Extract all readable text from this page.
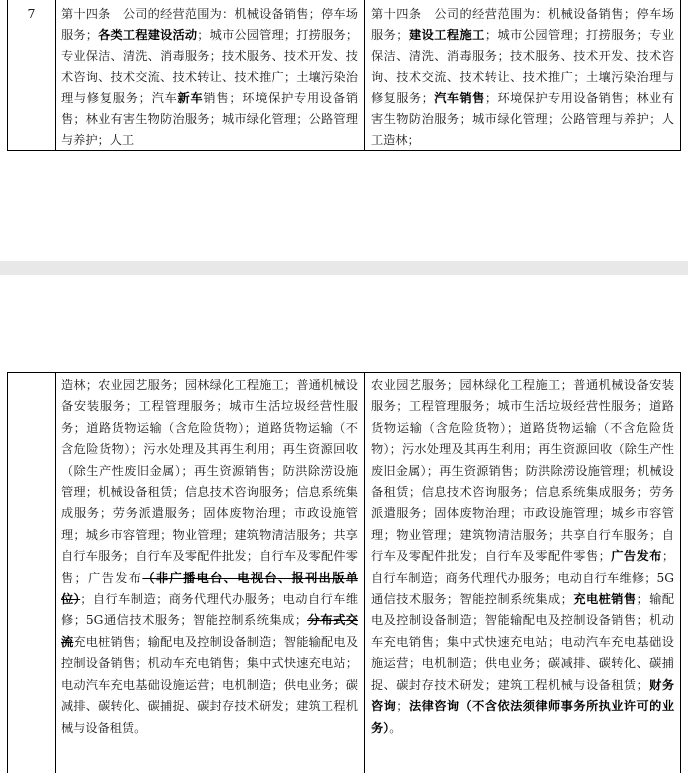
7	第十四条　公司的经营范围为：机械设备销售；停车场服务；各类工程建设活动；城市公园管理；打捞服务；专业保洁、清洗、消毒服务；技术服务、技术开发、技术咨询、技术交流、技术转让、技术推广；土壤污染治理与修复服务；汽车新车销售；环境保护专用设备销售；林业有害生物防治服务；城市绿化管理；公路管理与养护；人工
第十四条　公司的经营范围为：机械设备销售；停车场服务；建设工程施工；城市公园管理；打捞服务；专业保洁、清洗、消毒服务；技术服务、技术开发、技术咨询、技术交流、技术转让、技术推广；土壤污染治理与修复服务；汽车销售；环境保护专用设备销售；林业有害生物防治服务；城市绿化管理；公路管理与养护；人工造林；
造林；农业园艺服务；园林绿化工程施工；普通机械设备安装服务；工程管理服务；城市生活垃圾经营性服务；道路货物运输（含危险货物）；道路货物运输（不含危险货物）；污水处理及其再生利用；再生资源回收（除生产性废旧金属）；再生资源销售；防洪除涝设施管理；机械设备租赁；信息技术咨询服务；信息系统集成服务；劳务派遣服务；固体废物治理；市政设施管理；城乡市容管理；物业管理；建筑物清洁服务；共享自行车服务；自行车及零配件批发；自行车及零配件零售；广告发布（非广播电台、电视台、报刊出版单位）；自行车制造；商务代理代办服务；电动自行车维修；5G通信技术服务；智能控制系统集成；分布式交流充电桩销售；输配电及控制设备制造；智能输配电及控制设备销售；机动车充电销售；集中式快速充电站；电动汽车充电基础设施运营；电机制造；供电业务；碳减排、碳转化、碳捕捉、碳封存技术研发；建筑工程机械与设备租赁。
农业园艺服务；园林绿化工程施工；普通机械设备安装服务；工程管理服务；城市生活垃圾经营性服务；道路货物运输（含危险货物）；道路货物运输（不含危险货物）；污水处理及其再生利用；再生资源回收（除生产性废旧金属）；再生资源销售；防洪除涝设施管理；机械设备租赁；信息技术咨询服务；信息系统集成服务；劳务派遣服务；固体废物治理；市政设施管理；城乡市容管理；物业管理；建筑物清洁服务；共享自行车服务；自行车及零配件批发；自行车及零配件零售；广告发布；自行车制造；商务代理代办服务；电动自行车维修；5G通信技术服务；智能控制系统集成；充电桩销售；输配电及控制设备制造；智能输配电及控制设备销售；机动车充电销售；集中式快速充电站；电动汽车充电基础设施运营；电机制造；供电业务；碳减排、碳转化、碳捕捉、碳封存技术研发；建筑工程机械与设备租赁；财务咨询；法律咨询（不含依法须律师事务所执业许可的业务）。
